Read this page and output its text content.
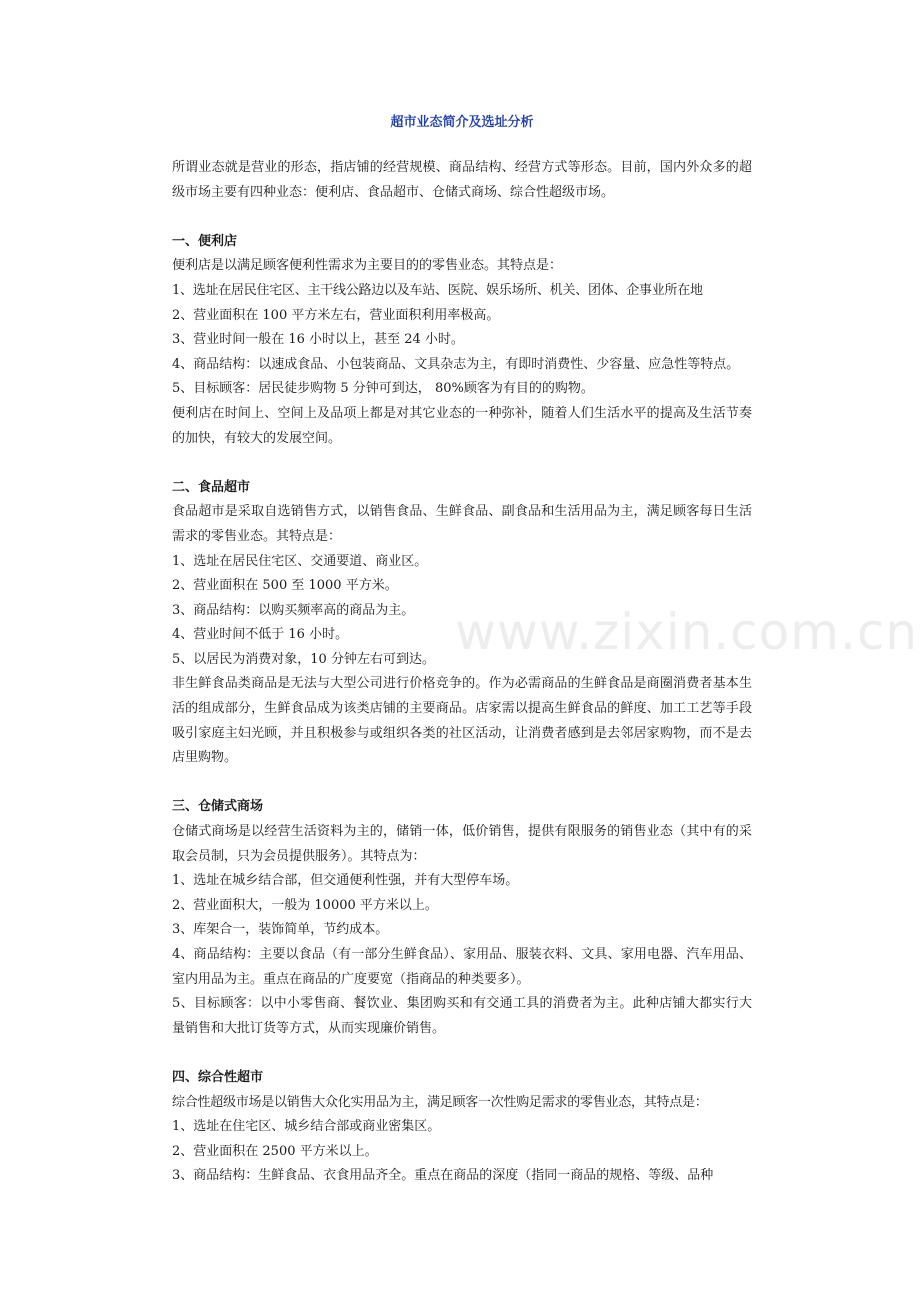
超市业态简介及选址分析

所谓业态就是营业的形态，指店铺的经营规模、商品结构、经营方式等形态。目前，国内外众多的超级市场主要有四种业态：便利店、食品超市、仓储式商场、综合性超级市场。

一、便利店

便利店是以满足顾客便利性需求为主要目的的零售业态。其特点是：

1、选址在居民住宅区、主干线公路边以及车站、医院、娱乐场所、机关、团体、企事业所在地

2、营业面积在 100 平方米左右，营业面积利用率极高。

3、营业时间一般在 16 小时以上，甚至 24 小时。

4、商品结构：以速成食品、小包装商品、文具杂志为主，有即时消费性、少容量、应急性等特点。

5、目标顾客：居民徒步购物 5 分钟可到达， 80%顾客为有目的的购物。

便利店在时间上、空间上及品项上都是对其它业态的一种弥补，随着人们生活水平的提高及生活节奏的加快，有较大的发展空间。

二、食品超市

食品超市是采取自选销售方式，以销售食品、生鲜食品、副食品和生活用品为主，满足顾客每日生活需求的零售业态。其特点是：

1、选址在居民住宅区、交通要道、商业区。

2、营业面积在 500 至 1000 平方米。

3、商品结构：以购买频率高的商品为主。

4、营业时间不低于 16 小时。

5、以居民为消费对象，10 分钟左右可到达。

非生鲜食品类商品是无法与大型公司进行价格竞争的。作为必需商品的生鲜食品是商圈消费者基本生活的组成部分，生鲜食品成为该类店铺的主要商品。店家需以提高生鲜食品的鲜度、加工工艺等手段吸引家庭主妇光顾，并且积极参与或组织各类的社区活动，让消费者感到是去邻居家购物，而不是去店里购物。

三、仓储式商场

仓储式商场是以经营生活资料为主的，储销一体，低价销售，提供有限服务的销售业态（其中有的采取会员制，只为会员提供服务）。其特点为：

1、选址在城乡结合部，但交通便利性强，并有大型停车场。

2、营业面积大，一般为 10000 平方米以上。

3、库架合一，装饰简单，节约成本。

4、商品结构：主要以食品（有一部分生鲜食品）、家用品、服装衣料、文具、家用电器、汽车用品、室内用品为主。重点在商品的广度要宽（指商品的种类要多）。

5、目标顾客：以中小零售商、餐饮业、集团购买和有交通工具的消费者为主。此种店铺大都实行大量销售和大批订货等方式，从而实现廉价销售。

四、综合性超市

综合性超级市场是以销售大众化实用品为主，满足顾客一次性购足需求的零售业态，其特点是：

1、选址在住宅区、城乡结合部或商业密集区。

2、营业面积在 2500 平方米以上。

3、商品结构：生鲜食品、衣食用品齐全。重点在商品的深度（指同一商品的规格、等级、品种

www.zixin.com.cn
